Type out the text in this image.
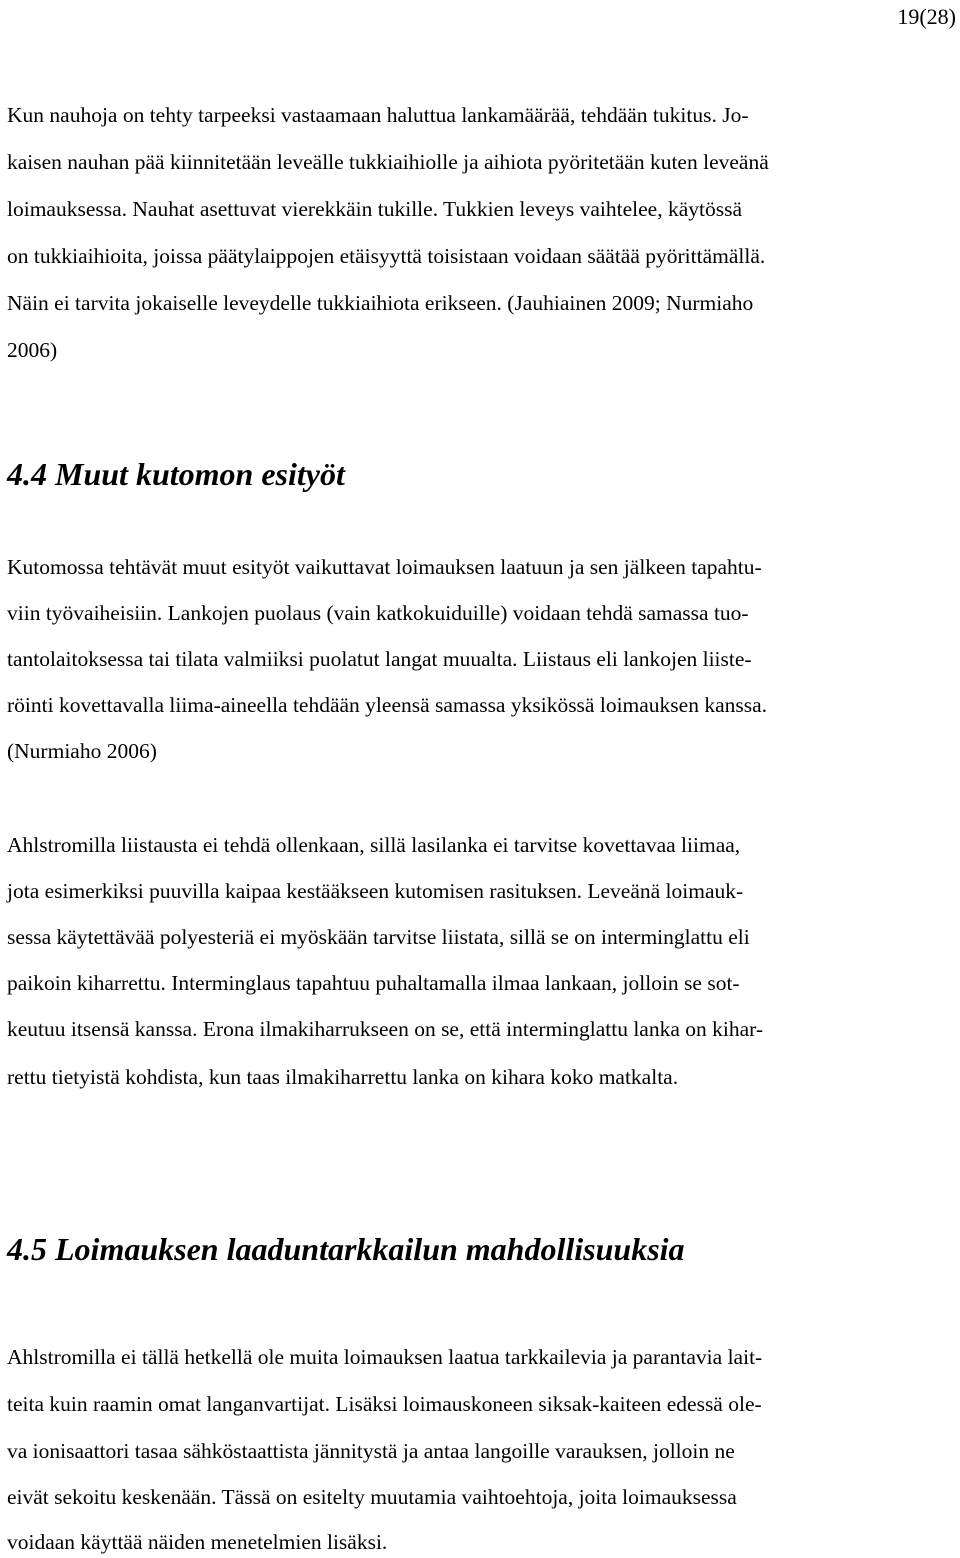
19(28)
Kun nauhoja on tehty tarpeeksi vastaamaan haluttua lankamäärää, tehdään tukitus. Jo-
kaisen nauhan pää kiinnitetään leveälle tukkiaihiolle ja aihiota pyöritetään kuten leveänä
loimauksessa. Nauhat asettuvat vierekkäin tukille. Tukkien leveys vaihtelee, käytössä
on tukkiaihioita, joissa päätylaippojen etäisyyttä toisistaan voidaan säätää pyörittämällä.
Näin ei tarvita jokaiselle leveydelle tukkiaihiota erikseen. (Jauhiainen 2009; Nurmiaho
2006)
4.4 Muut kutomon esityöt
Kutomossa tehtävät muut esityöt vaikuttavat loimauksen laatuun ja sen jälkeen tapahtu-
viin työvaiheisiin. Lankojen puolaus (vain katkokuiduille) voidaan tehdä samassa tuo-
tantolaitoksessa tai tilata valmiiksi puolatut langat muualta. Liistaus eli lankojen liiste-
röinti kovettavalla liima-aineella tehdään yleensä samassa yksikössä loimauksen kanssa.
(Nurmiaho 2006)
Ahlstromilla liistausta ei tehdä ollenkaan, sillä lasilanka ei tarvitse kovettavaa liimaa,
jota esimerkiksi puuvilla kaipaa kestääkseen kutomisen rasituksen. Leveänä loimauk-
sessa käytettävää polyesteriä ei myöskään tarvitse liistata, sillä se on interminglattu eli
paikoin kiharrettu. Interminglaus tapahtuu puhaltamalla ilmaa lankaan, jolloin se sot-
keutuu itsensä kanssa. Erona ilmakiharrukseen on se, että interminglattu lanka on kihar-
rettu tietyistä kohdista, kun taas ilmakiharrettu lanka on kihara koko matkalta.
4.5 Loimauksen laaduntarkkailun mahdollisuuksia
Ahlstromilla ei tällä hetkellä ole muita loimauksen laatua tarkkailevia ja parantavia lait-
teita kuin raamin omat langanvartijat. Lisäksi loimauskoneen siksak-kaiteen edessä ole-
va ionisaattori tasaa sähköstaattista jännitystä ja antaa langoille varauksen, jolloin ne
eivät sekoitu keskenään. Tässä on esitelty muutamia vaihtoehtoja, joita loimauksessa
voidaan käyttää näiden menetelmien lisäksi.
